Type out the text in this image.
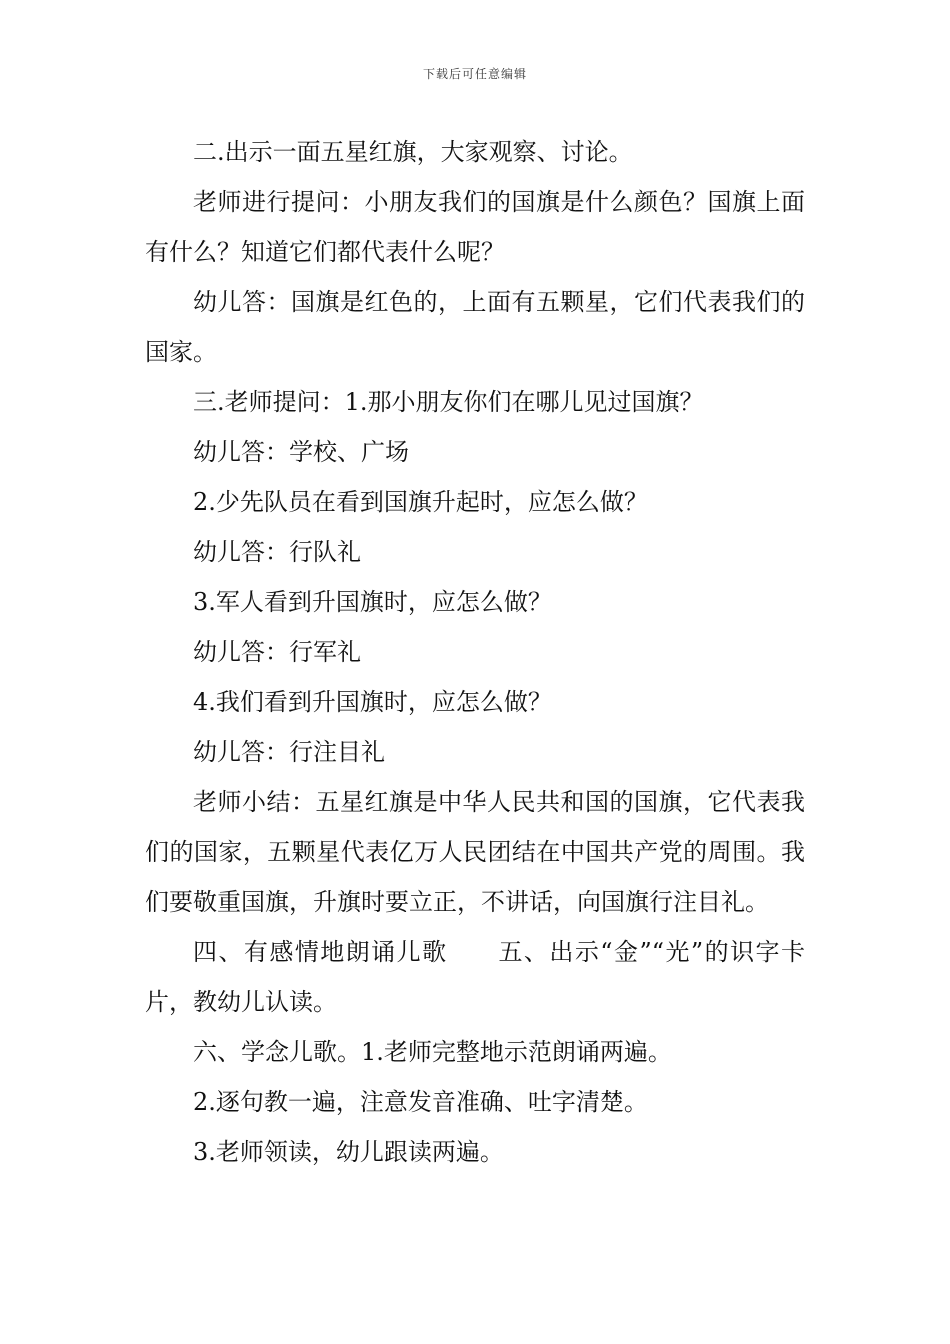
下载后可任意编辑

二.出示一面五星红旗，大家观察、讨论。

老师进行提问：小朋友我们的国旗是什么颜色？国旗上面有什么？知道它们都代表什么呢？

幼儿答：国旗是红色的，上面有五颗星，它们代表我们的国家。

三.老师提问：1.那小朋友你们在哪儿见过国旗？

幼儿答：学校、广场

2.少先队员在看到国旗升起时，应怎么做？

幼儿答：行队礼

3.军人看到升国旗时，应怎么做？

幼儿答：行军礼

4.我们看到升国旗时，应怎么做？

幼儿答：行注目礼

老师小结：五星红旗是中华人民共和国的国旗，它代表我们的国家，五颗星代表亿万人民团结在中国共产党的周围。我们要敬重国旗，升旗时要立正，不讲话，向国旗行注目礼。

四、有感情地朗诵儿歌　　五、出示“金”“光”的识字卡片，教幼儿认读。

六、学念儿歌。1.老师完整地示范朗诵两遍。

2.逐句教一遍，注意发音准确、吐字清楚。

3.老师领读，幼儿跟读两遍。
